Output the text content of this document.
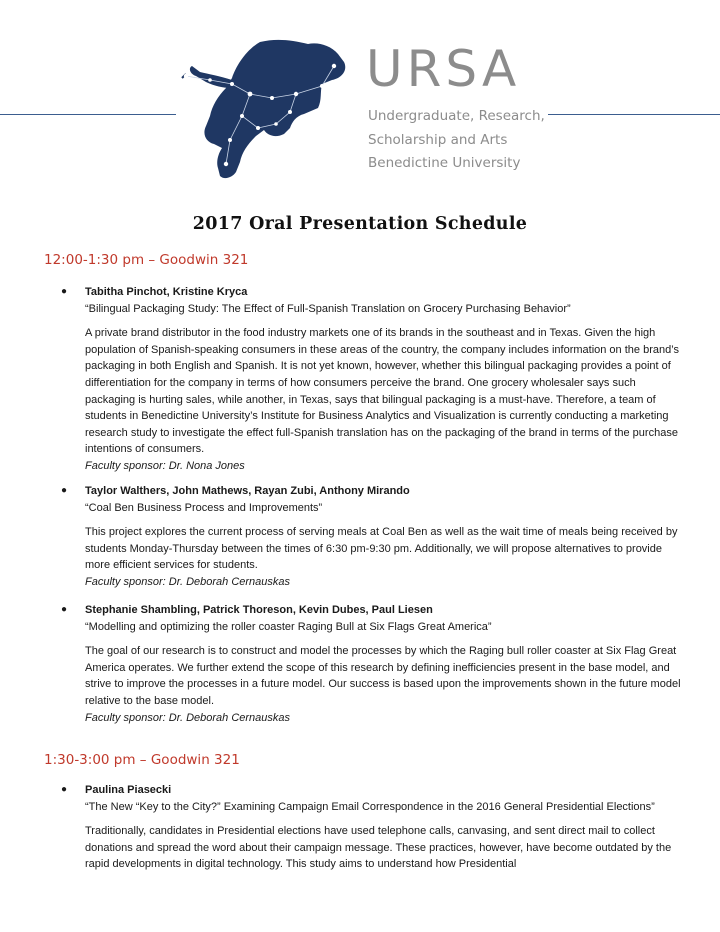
URSA
Undergraduate, Research,
Scholarship and Arts
Benedictine University
2017 Oral Presentation Schedule
12:00-1:30 pm – Goodwin 321
● Tabitha Pinchot, Kristine Kryca
“Bilingual Packaging Study: The Effect of Full-Spanish Translation on Grocery Purchasing Behavior”
A private brand distributor in the food industry markets one of its brands in the southeast and in Texas. Given the high population of Spanish-speaking consumers in these areas of the country, the company includes information on the brand’s packaging in both English and Spanish. It is not yet known, however, whether this bilingual packaging provides a point of differentiation for the company in terms of how consumers perceive the brand. One grocery wholesaler says such packaging is hurting sales, while another, in Texas, says that bilingual packaging is a must-have. Therefore, a team of students in Benedictine University’s Institute for Business Analytics and Visualization is currently conducting a marketing research study to investigate the effect full-Spanish translation has on the packaging of the brand in terms of the purchase intentions of consumers.
Faculty sponsor: Dr. Nona Jones
● Taylor Walthers, John Mathews, Rayan Zubi, Anthony Mirando
“Coal Ben Business Process and Improvements”
This project explores the current process of serving meals at Coal Ben as well as the wait time of meals being received by students Monday-Thursday between the times of 6:30 pm-9:30 pm. Additionally, we will propose alternatives to provide more efficient services for students.
Faculty sponsor: Dr. Deborah Cernauskas
● Stephanie Shambling, Patrick Thoreson, Kevin Dubes, Paul Liesen
“Modelling and optimizing the roller coaster Raging Bull at Six Flags Great America”
The goal of our research is to construct and model the processes by which the Raging bull roller coaster at Six Flag Great America operates. We further extend the scope of this research by defining inefficiencies present in the base model, and strive to improve the processes in a future model. Our success is based upon the improvements shown in the future model relative to the base model.
Faculty sponsor: Dr. Deborah Cernauskas
1:30-3:00 pm – Goodwin 321
● Paulina Piasecki
“The New “Key to the City?” Examining Campaign Email Correspondence in the 2016 General Presidential Elections”
Traditionally, candidates in Presidential elections have used telephone calls, canvasing, and sent direct mail to collect donations and spread the word about their campaign message. These practices, however, have become outdated by the rapid developments in digital technology. This study aims to understand how Presidential
